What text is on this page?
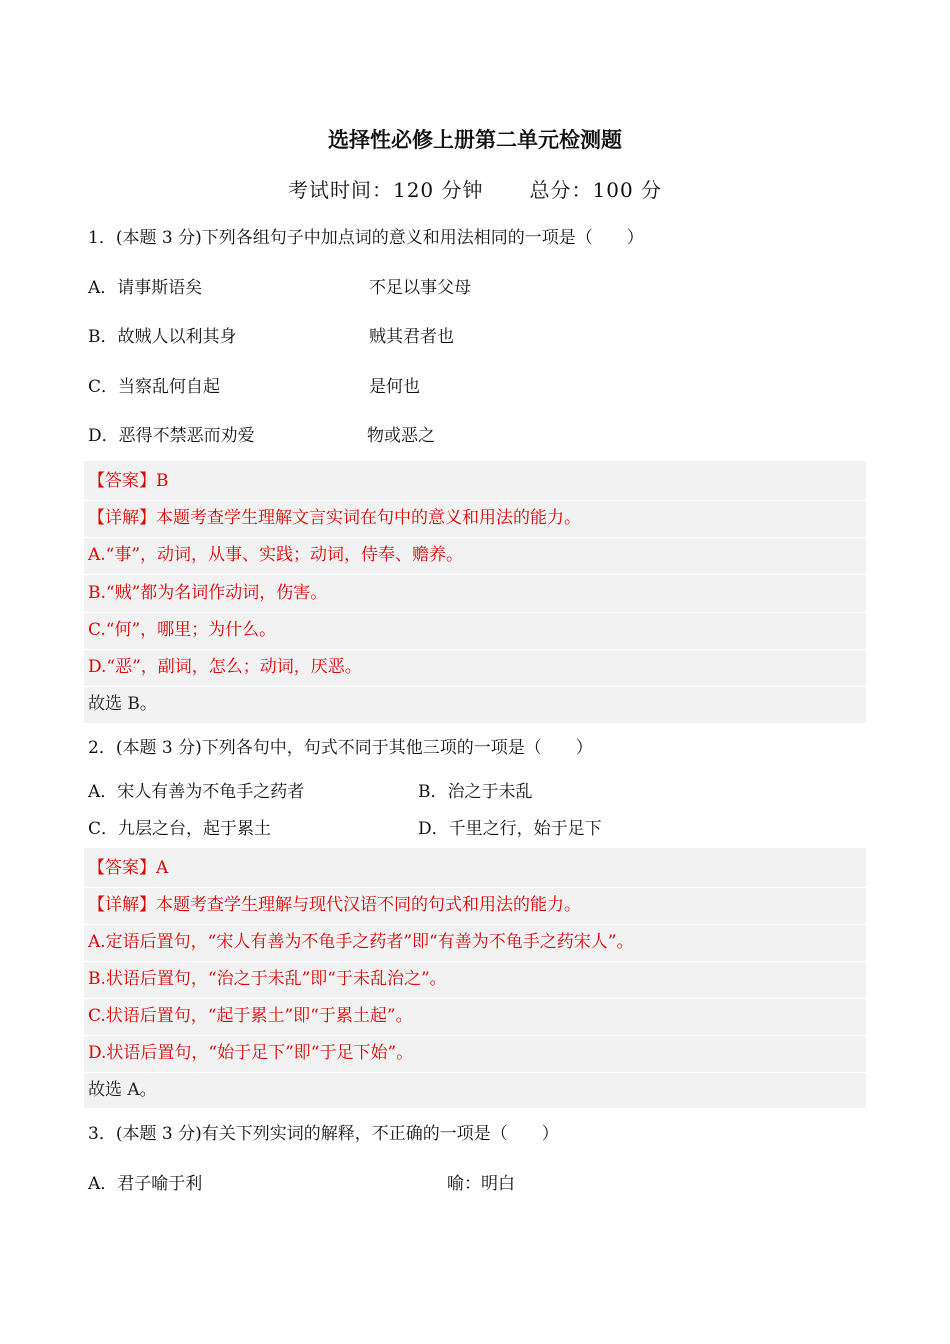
选择性必修上册第二单元检测题
考试时间：120 分钟 总分：100 分
1．(本题 3 分)下列各组句子中加点词的意义和用法相同的一项是（　　）
A．请事斯语矣	不足以事父母
B．故贼人以利其身	贼其君者也
C．当察乱何自起	是何也
D．恶得不禁恶而劝爱	物或恶之
【答案】B
【详解】本题考查学生理解文言实词在句中的意义和用法的能力。
A.“事”，动词，从事、实践；动词，侍奉、赡养。
B.“贼”都为名词作动词，伤害。
C.“何”，哪里；为什么。
D.“恶”，副词，怎么；动词，厌恶。
故选 B。
2．(本题 3 分)下列各句中，句式不同于其他三项的一项是（　　）
A．宋人有善为不龟手之药者	B．治之于未乱
C．九层之台，起于累土	D．千里之行，始于足下
【答案】A
【详解】本题考查学生理解与现代汉语不同的句式和用法的能力。
A.定语后置句，“宋人有善为不龟手之药者”即“有善为不龟手之药宋人”。
B.状语后置句，“治之于未乱”即“于未乱治之”。
C.状语后置句，“起于累土”即“于累土起”。
D.状语后置句，“始于足下”即“于足下始”。
故选 A。
3．(本题 3 分)有关下列实词的解释，不正确的一项是（　　）
A．君子喻于利	喻：明白
